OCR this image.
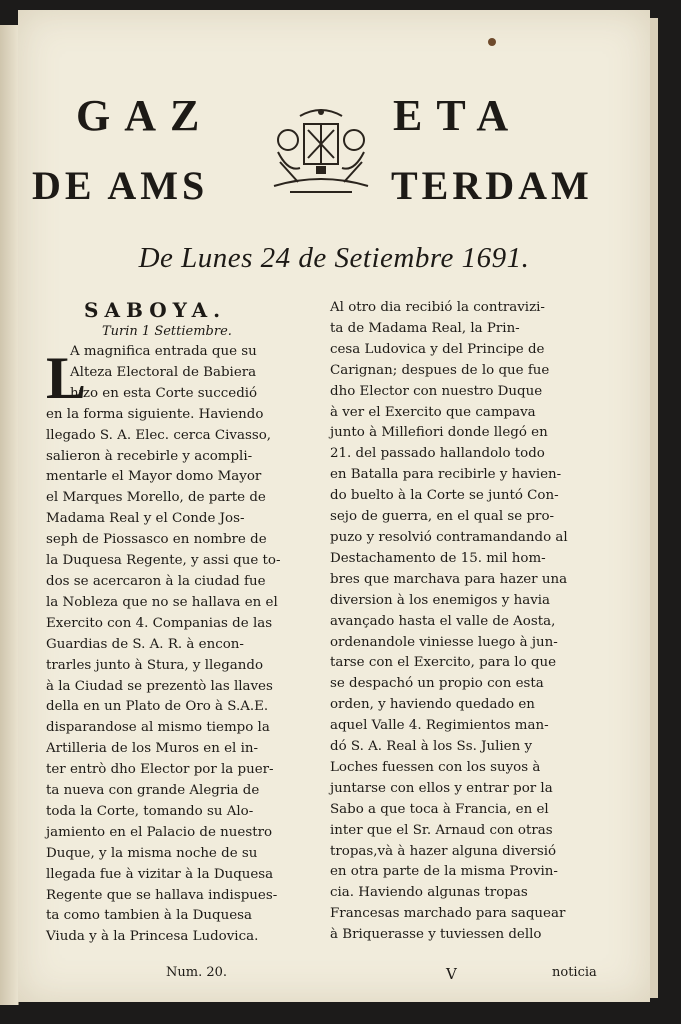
GAZ	ETA
DE AMS	TERDAM
De Lunes 24 de Setiembre 1691.
SABOYA.
Turin 1 Settiembre.
L
A magnifica entrada que su
Alteza Electoral de Babiera
hizo en esta Corte succedió
en la forma siguiente. Haviendo
llegado S. A. Elec. cerca Civasso,
salieron à recebirle y acompli-
mentarle el Mayor domo Mayor
el Marques Morello, de parte de
Madama Real y el Conde Jos-
seph de Piossasco en nombre de
la Duquesa Regente, y assi que to-
dos se acercaron à la ciudad fue
la Nobleza que no se hallava en el
Exercito con 4. Companias de las
Guardias de S. A. R. à encon-
trarles junto à Stura, y llegando
à la Ciudad se prezentò las llaves
della en un Plato de Oro à S.A.E.
disparandose al mismo tiempo la
Artilleria de los Muros en el in-
ter entrò dho Elector por la puer-
ta nueva con grande Alegria de
toda la Corte, tomando su Alo-
jamiento en el Palacio de nuestro
Duque, y la misma noche de su
llegada fue à vizitar à la Duquesa
Regente que se hallava indispues-
ta como tambien à la Duquesa
Viuda y à la Princesa Ludovica.
Al otro dia recibió la contravizi-
ta de Madama Real, la Prin-
cesa Ludovica y del Principe de
Carignan; despues de lo que fue
dho Elector con nuestro Duque
à ver el Exercito que campava
junto à Millefiori donde llegó en
21. del passado hallandolo todo
en Batalla para recibirle y havien-
do buelto à la Corte se juntó Con-
sejo de guerra, en el qual se pro-
puzo y resolvió contramandando al
Destachamento de 15. mil hom-
bres que marchava para hazer una
diversion à los enemigos y havia
avançado hasta el valle de Aosta,
ordenandole viniesse luego à jun-
tarse con el Exercito, para lo que
se despachó un propio con esta
orden, y haviendo quedado en
aquel Valle 4. Regimientos man-
dó S. A. Real à los Ss. Julien y
Loches fuessen con los suyos à
juntarse con ellos y entrar por la
Sabo a que toca à Francia, en el
inter que el Sr. Arnaud con otras
tropas,và à hazer alguna diversió
en otra parte de la misma Provin-
cia. Haviendo algunas tropas
Francesas marchado para saquear
à Briquerasse y tuviessen dello
Num. 20.	V	noticia
